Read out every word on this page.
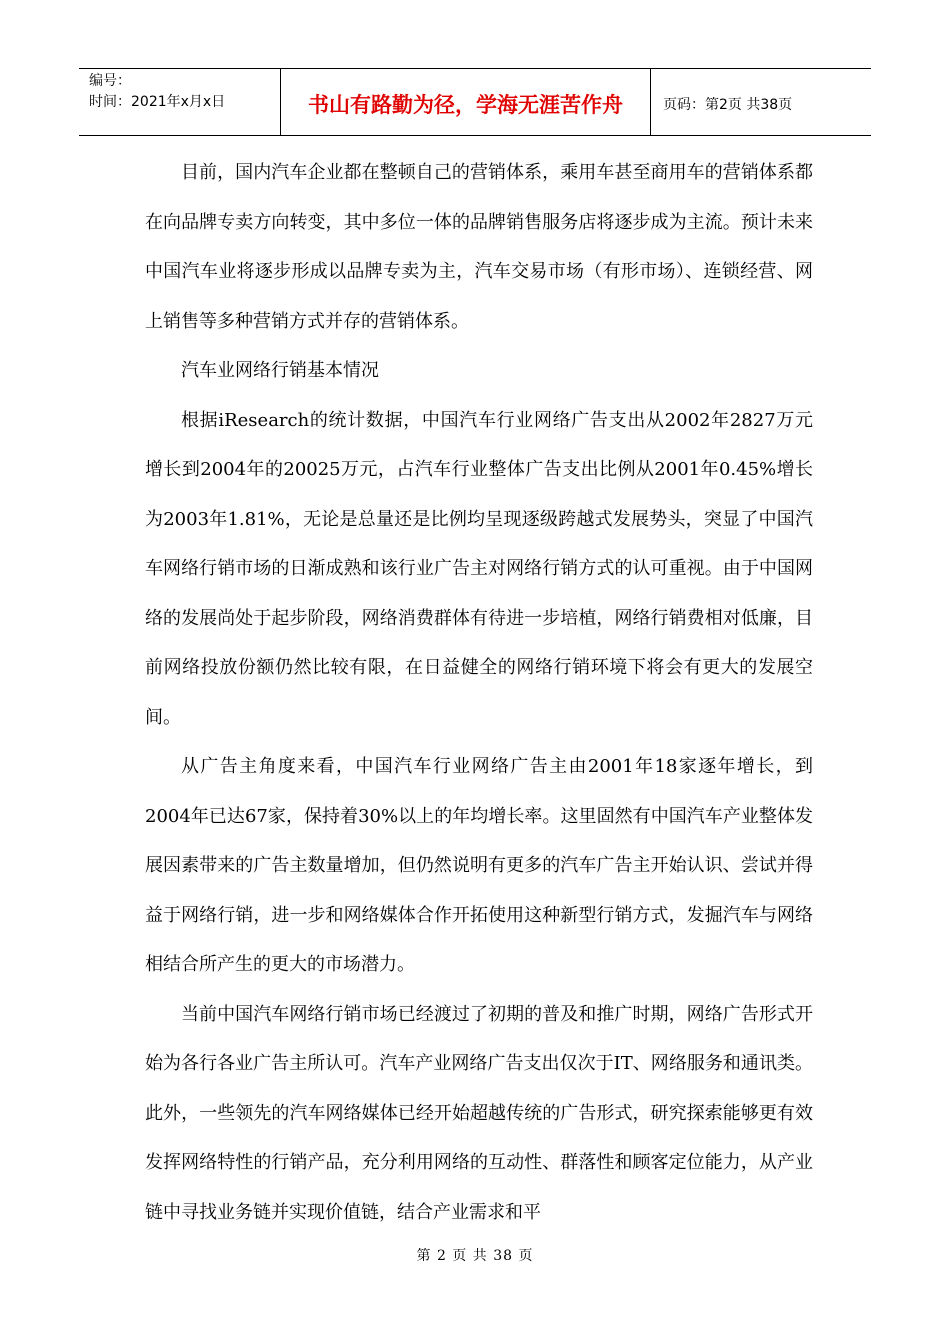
编号：
时间：2021年x月x日	书山有路勤为径，学海无涯苦作舟	页码：第2页 共38页

目前，国内汽车企业都在整顿自己的营销体系，乘用车甚至商用车的营销体系都在向品牌专卖方向转变，其中多位一体的品牌销售服务店将逐步成为主流。预计未来中国汽车业将逐步形成以品牌专卖为主，汽车交易市场（有形市场）、连锁经营、网上销售等多种营销方式并存的营销体系。

汽车业网络行销基本情况

根据iResearch的统计数据，中国汽车行业网络广告支出从2002年2827万元增长到2004年的20025万元，占汽车行业整体广告支出比例从2001年0.45%增长为2003年1.81%，无论是总量还是比例均呈现逐级跨越式发展势头，突显了中国汽车网络行销市场的日渐成熟和该行业广告主对网络行销方式的认可重视。由于中国网络的发展尚处于起步阶段，网络消费群体有待进一步培植，网络行销费相对低廉，目前网络投放份额仍然比较有限，在日益健全的网络行销环境下将会有更大的发展空间。

从广告主角度来看，中国汽车行业网络广告主由2001年18家逐年增长，到2004年已达67家，保持着30%以上的年均增长率。这里固然有中国汽车产业整体发展因素带来的广告主数量增加，但仍然说明有更多的汽车广告主开始认识、尝试并得益于网络行销，进一步和网络媒体合作开拓使用这种新型行销方式，发掘汽车与网络相结合所产生的更大的市场潜力。

当前中国汽车网络行销市场已经渡过了初期的普及和推广时期，网络广告形式开始为各行各业广告主所认可。汽车产业网络广告支出仅次于IT、网络服务和通讯类。此外，一些领先的汽车网络媒体已经开始超越传统的广告形式，研究探索能够更有效发挥网络特性的行销产品，充分利用网络的互动性、群落性和顾客定位能力，从产业链中寻找业务链并实现价值链，结合产业需求和平

第 2 页 共 38 页
